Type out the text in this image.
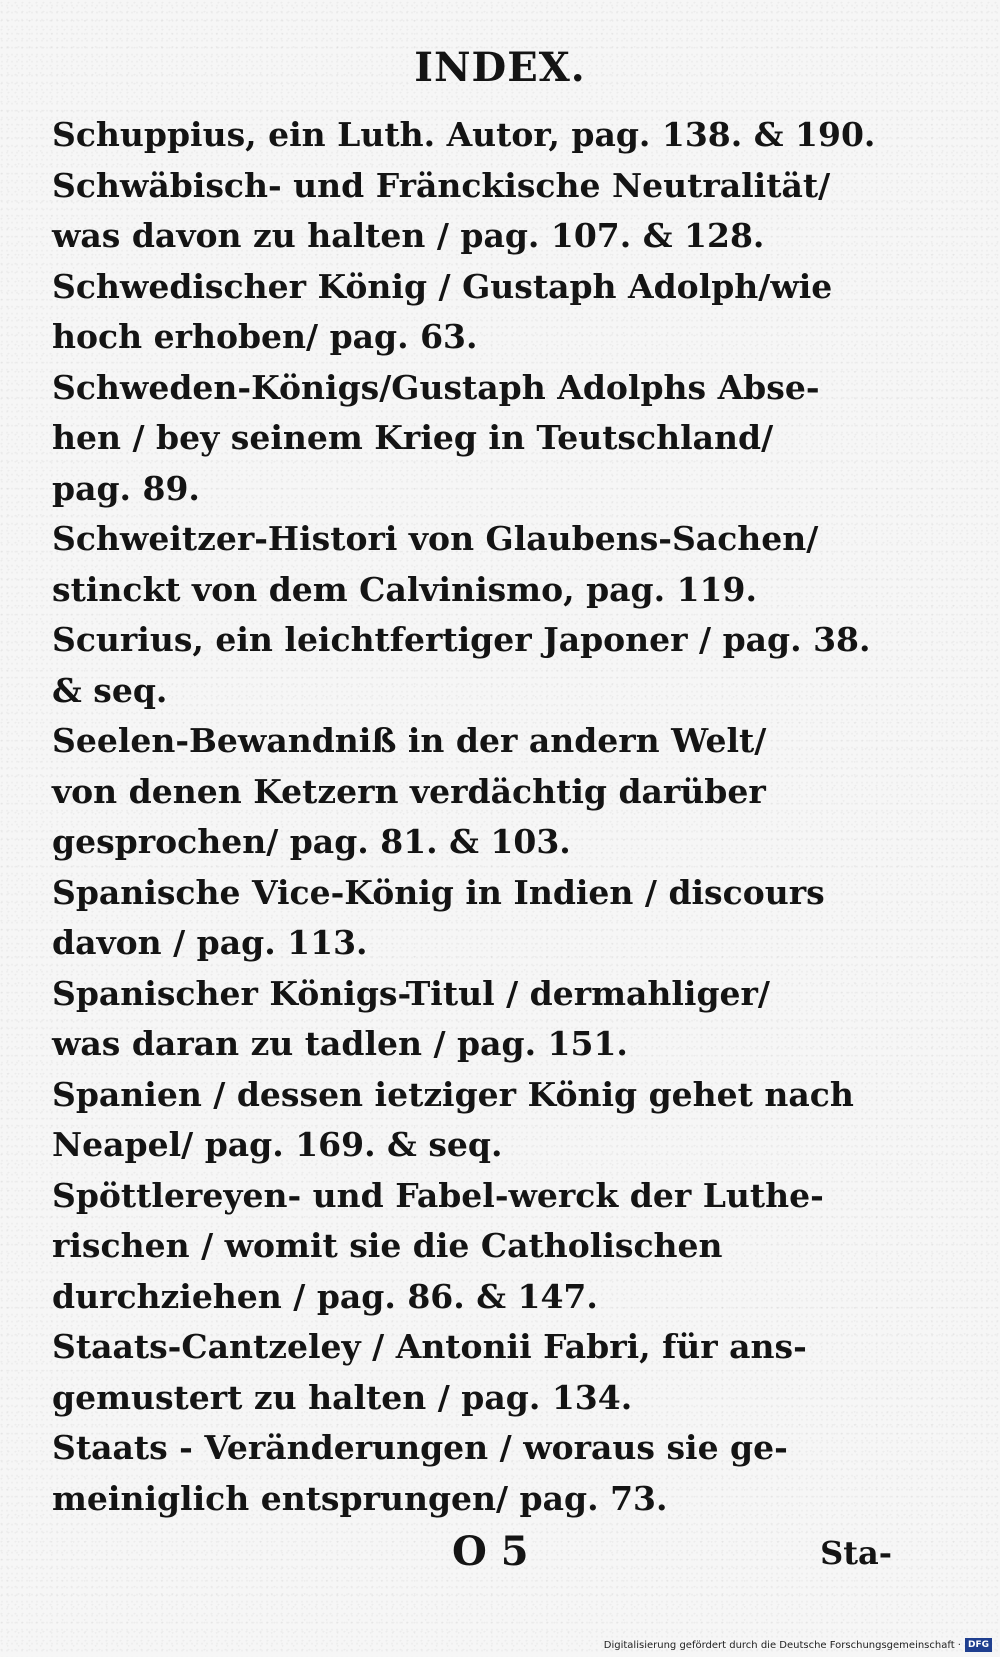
INDEX.
Schuppius, ein Luth. Autor, pag. 138. & 190.
Schwäbisch- und Fränckische Neutralität/
was davon zu halten / pag. 107. & 128.
Schwedischer König / Gustaph Adolph/wie
hoch erhoben/ pag. 63.
Schweden-Königs/Gustaph Adolphs Abse-
hen / bey seinem Krieg in Teutschland/
pag. 89.
Schweitzer-Histori von Glaubens-Sachen/
stinckt von dem Calvinismo, pag. 119.
Scurius, ein leichtfertiger Japoner / pag. 38.
& seq.
Seelen-Bewandniß in der andern Welt/
von denen Ketzern verdächtig darüber
gesprochen/ pag. 81. & 103.
Spanische Vice-König in Indien / discours
davon / pag. 113.
Spanischer Königs-Titul / dermahliger/
was daran zu tadlen / pag. 151.
Spanien / dessen ietziger König gehet nach
Neapel/ pag. 169. & seq.
Spöttlereyen- und Fabel-werck der Luthe-
rischen / womit sie die Catholischen
durchziehen / pag. 86. & 147.
Staats-Cantzeley / Antonii Fabri, für ans-
gemustert zu halten / pag. 134.
Staats - Veränderungen / woraus sie ge-
meiniglich entsprungen/ pag. 73.
O 5	Sta-
Digitalisierung gefördert durch die Deutsche Forschungsgemeinschaft · DFG
